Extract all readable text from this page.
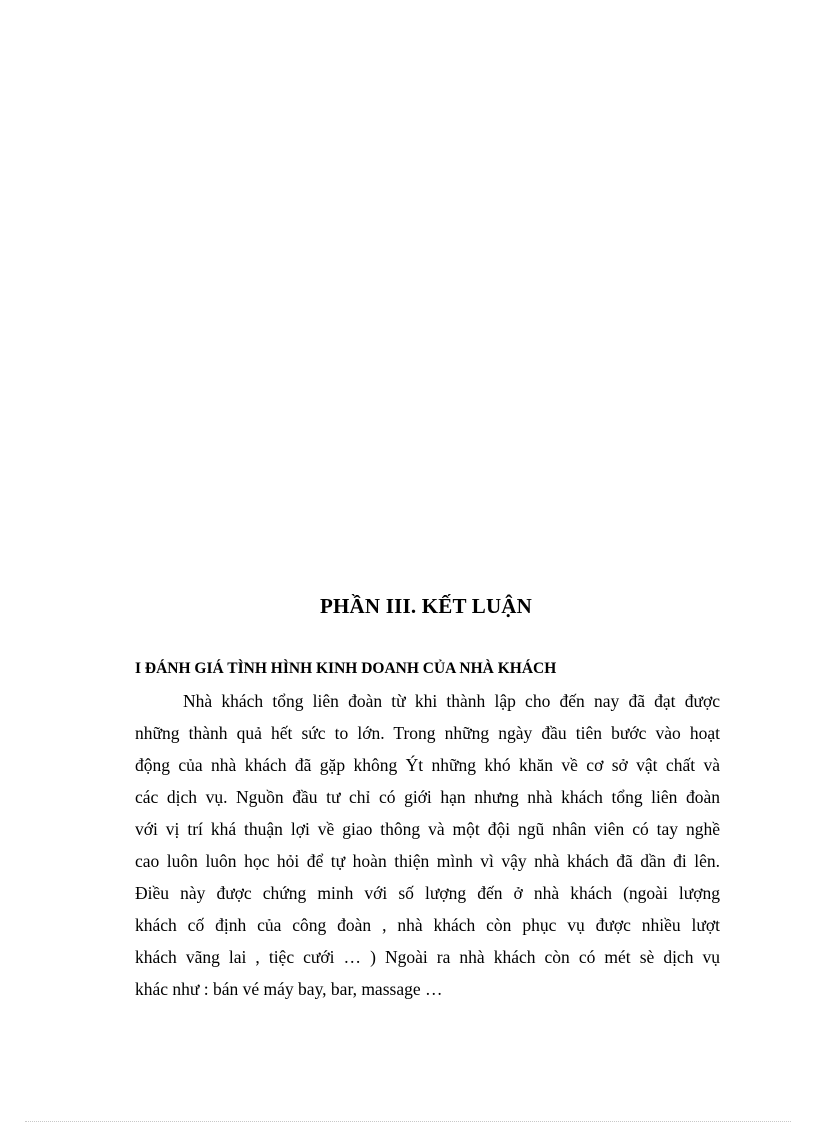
PHẦN III. KẾT LUẬN
I ĐÁNH GIÁ TÌNH HÌNH KINH DOANH CỦA NHÀ KHÁCH
Nhà khách tổng liên đoàn từ khi thành lập cho đến nay đã đạt được
những thành quả hết sức to lớn. Trong những ngày đầu tiên bước vào hoạt
động của nhà khách đã gặp không Ýt những khó khăn về cơ sở vật chất và
các dịch vụ. Nguồn đầu tư chỉ có giới hạn nhưng nhà khách tổng liên đoàn
với vị trí khá thuận lợi về giao thông và một đội ngũ nhân viên có tay nghề
cao luôn luôn học hỏi để tự hoàn thiện mình vì vậy nhà khách đã dần đi lên.
Điều này được chứng minh với số lượng đến ở nhà khách (ngoài lượng
khách cố định của công đoàn , nhà khách còn phục vụ được nhiều lượt
khách vãng lai , tiệc cưới … ) Ngoài ra nhà khách còn có mét sè dịch vụ
khác như : bán vé máy bay, bar, massage …
